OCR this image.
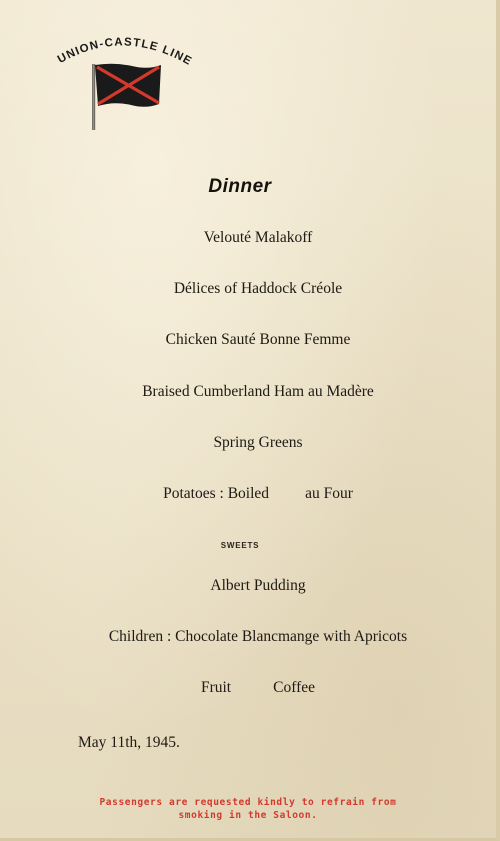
UNION-CASTLE LINE
Dinner
Velouté Malakoff
Délices of Haddock Créole
Chicken Sauté Bonne Femme
Braised Cumberland Ham au Madère
Spring Greens
Potatoes : Boiled au Four
SWEETS
Albert Pudding
Children : Chocolate Blancmange with Apricots
Fruit	Coffee
May 11th, 1945.
Passengers are requested kindly to refrain from
smoking in the Saloon.
